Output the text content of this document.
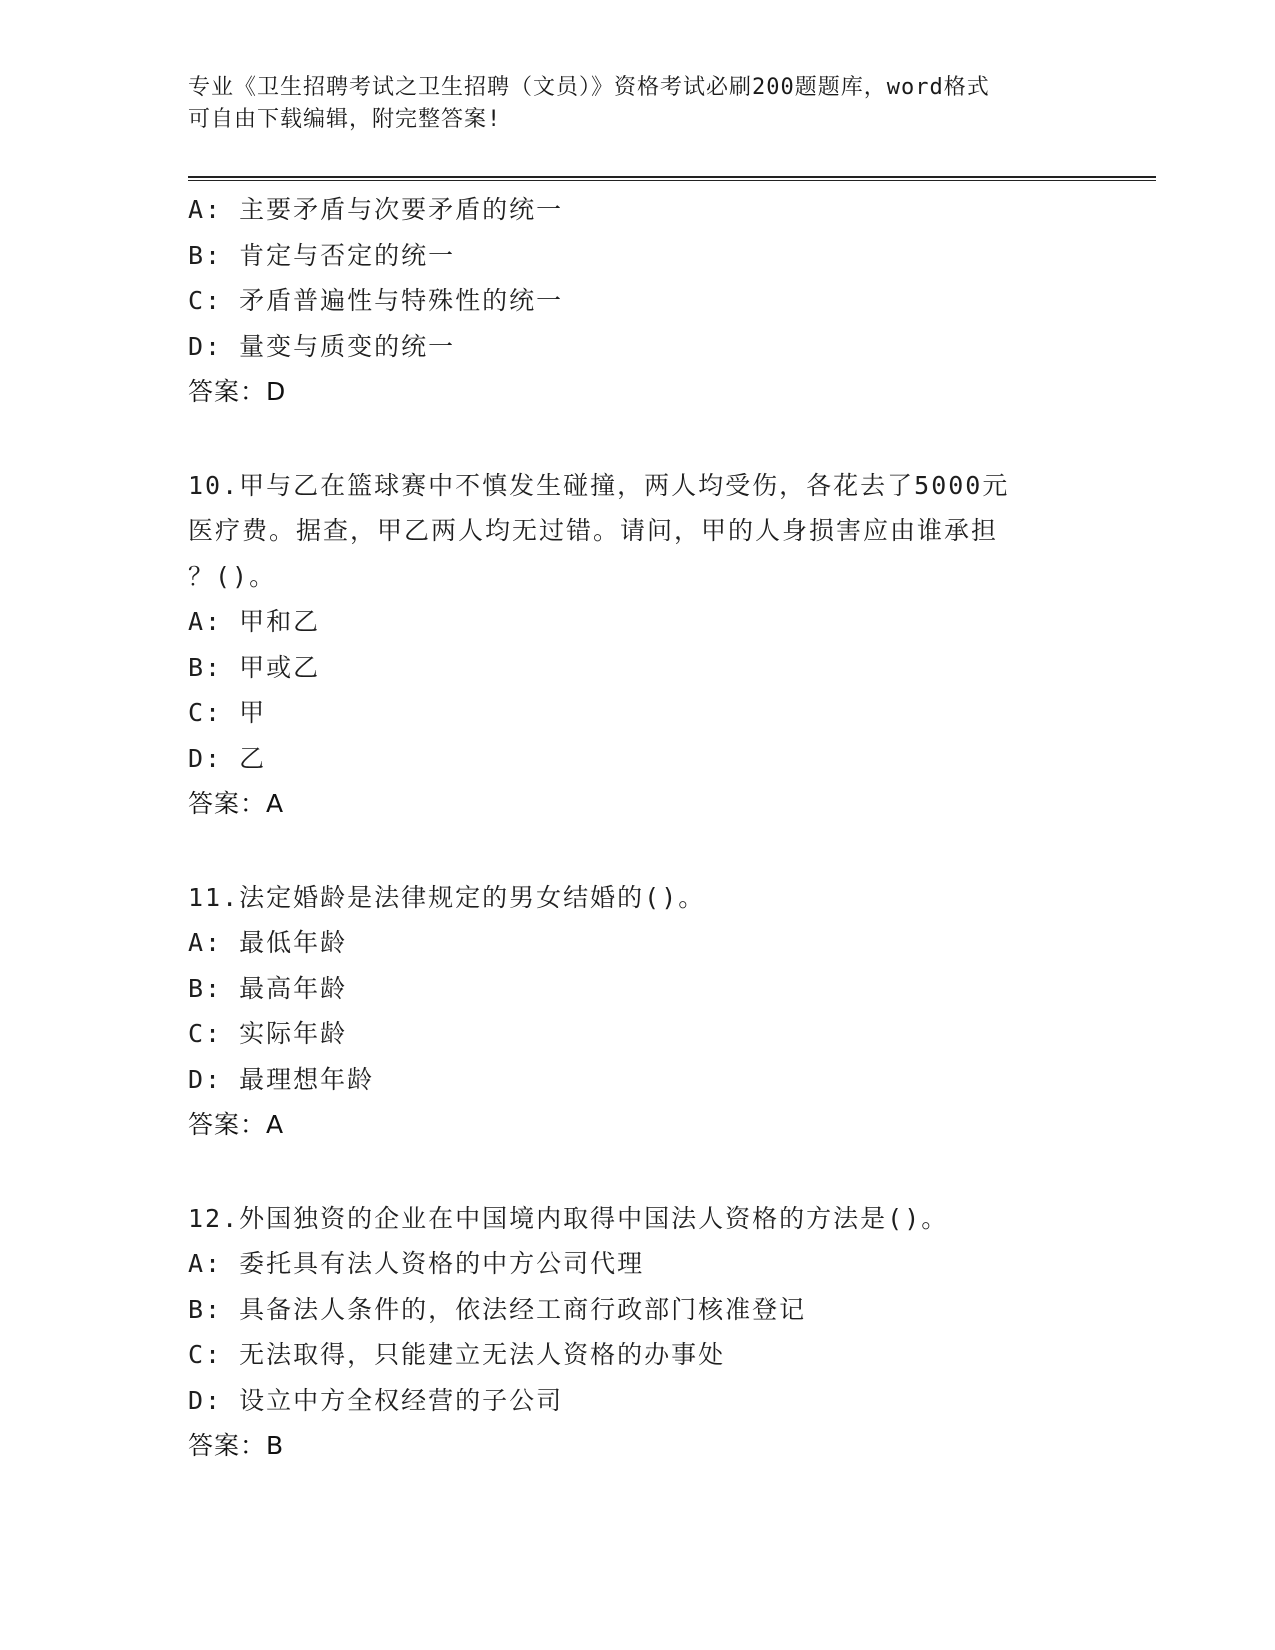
专业《卫生招聘考试之卫生招聘（文员）》资格考试必刷200题题库，word格式
可自由下载编辑，附完整答案!
A: 主要矛盾与次要矛盾的统一
B: 肯定与否定的统一
C: 矛盾普遍性与特殊性的统一
D: 量变与质变的统一
答案：D
10.甲与乙在篮球赛中不慎发生碰撞，两人均受伤，各花去了5000元
医疗费。据查，甲乙两人均无过错。请问，甲的人身损害应由谁承担
？()。
A: 甲和乙
B: 甲或乙
C: 甲
D: 乙
答案：A
11.法定婚龄是法律规定的男女结婚的()。
A: 最低年龄
B: 最高年龄
C: 实际年龄
D: 最理想年龄
答案：A
12.外国独资的企业在中国境内取得中国法人资格的方法是()。
A: 委托具有法人资格的中方公司代理
B: 具备法人条件的，依法经工商行政部门核准登记
C: 无法取得，只能建立无法人资格的办事处
D: 设立中方全权经营的子公司
答案：B
